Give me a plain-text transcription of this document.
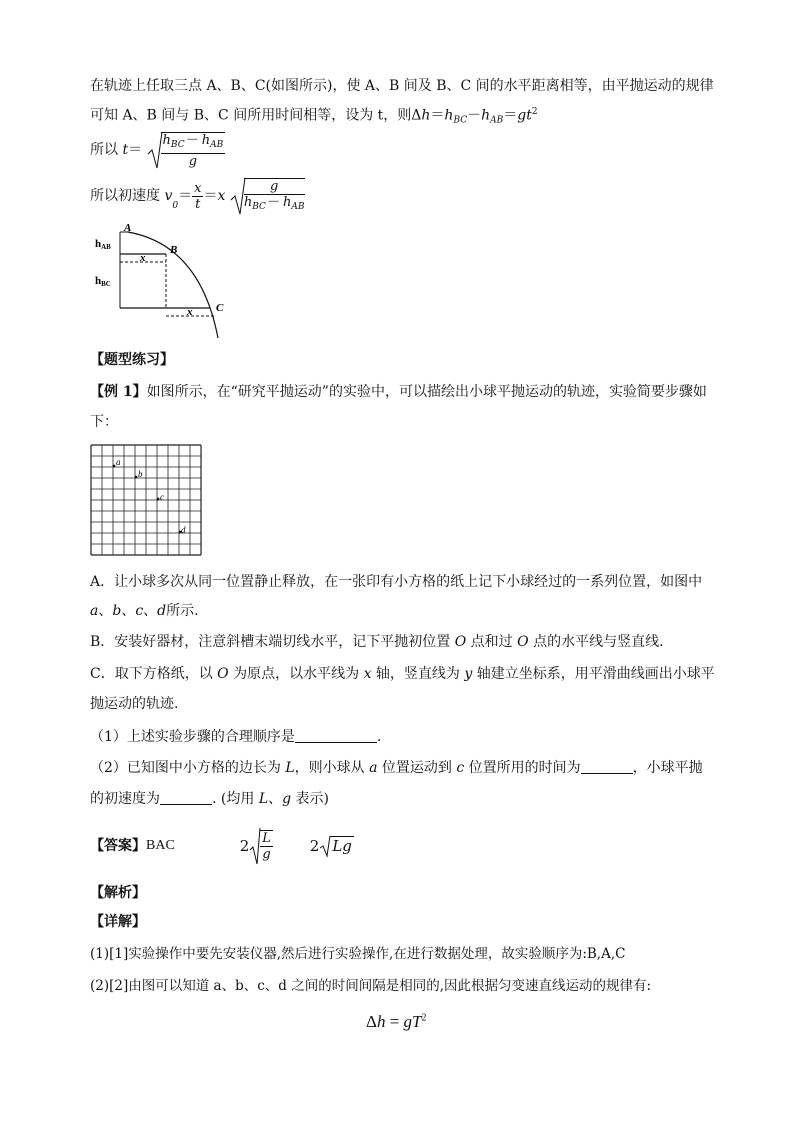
在轨迹上任取三点 A、B、C(如图所示)，使 A、B 间及 B、C 间的水平距离相等，由平抛运动的规律
可知 A、B 间与 B、C 间所用时间相等，设为 t，则$\Delta h=h_{BC}-h_{AB}=gt^2$
所以 $t= \frac{h_{BC}- h_{AB}}{g}$
所以初速度 $v_0= \frac{x}{t} =x \frac{g}{h_{BC}- h_{AB}}$
A
B
C
hAB
hBC
x
x
【题型练习】
【例 1】如图所示，在“研究平抛运动”的实验中，可以描绘出小球平抛运动的轨迹，实验简要步骤如
下：
a
b
c
d
A．让小球多次从同一位置静止释放，在一张印有小方格的纸上记下小球经过的一系列位置，如图中
a、b、c、d所示.
B．安装好器材，注意斜槽末端切线水平，记下平抛初位置 O 点和过 O 点的水平线与竖直线.
C．取下方格纸，以 O 为原点，以水平线为 x 轴，竖直线为 y 轴建立坐标系，用平滑曲线画出小球平
抛运动的轨迹.
（1）上述实验步骤的合理顺序是	.
（2）已知图中小方格的边长为 L，则小球从 a 位置运动到 c 位置所用的时间为	，小球平抛
的初速度为	. (均用 L、g 表示)
【答案】BAC	$2 \frac{L}{g} 2$ Lg
【解析】
【详解】
(1)[1]实验操作中要先安装仪器,然后进行实验操作,在进行数据处理，故实验顺序为:B,A,C
(2)[2]由图可以知道 a、b、c、d 之间的时间间隔是相同的,因此根据匀变速直线运动的规律有:
$\Delta h = gT^2$
